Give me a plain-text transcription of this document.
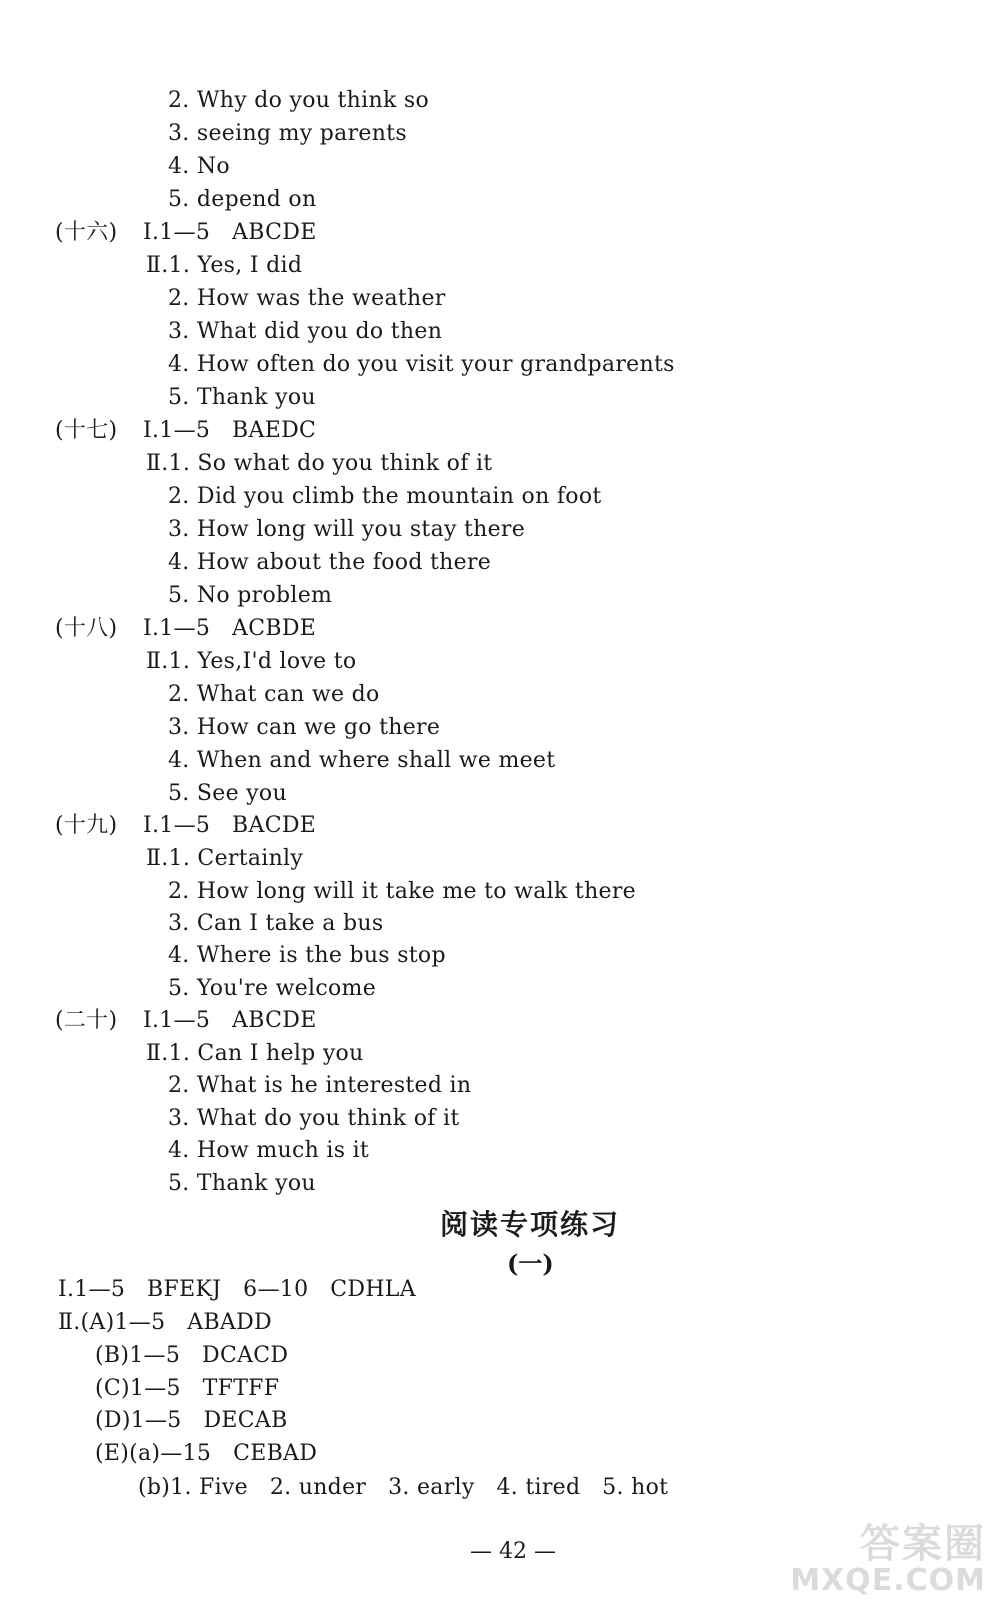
2. Why do you think so
3. seeing my parents
4. No
5. depend on
(十六) Ⅰ.1—5   ABCDE
Ⅱ.1. Yes, I did
2. How was the weather
3. What did you do then
4. How often do you visit your grandparents
5. Thank you
(十七) Ⅰ.1—5   BAEDC
Ⅱ.1. So what do you think of it
2. Did you climb the mountain on foot
3. How long will you stay there
4. How about the food there
5. No problem
(十八) Ⅰ.1—5   ACBDE
Ⅱ.1. Yes,I'd love to
2. What can we do
3. How can we go there
4. When and where shall we meet
5. See you
(十九) Ⅰ.1—5   BACDE
Ⅱ.1. Certainly
2. How long will it take me to walk there
3. Can I take a bus
4. Where is the bus stop
5. You're welcome
(二十) Ⅰ.1—5   ABCDE
Ⅱ.1. Can I help you
2. What is he interested in
3. What do you think of it
4. How much is it
5. Thank you
阅读专项练习
(一)
Ⅰ.1—5   BFEKJ   6—10   CDHLA
Ⅱ.(A)1—5   ABADD
(B)1—5   DCACD
(C)1—5   TFTFF
(D)1—5   DECAB
(E)(a)—15   CEBAD
(b)1. Five   2. under   3. early   4. tired   5. hot
— 42 —	答案圈
MXQE.COM
